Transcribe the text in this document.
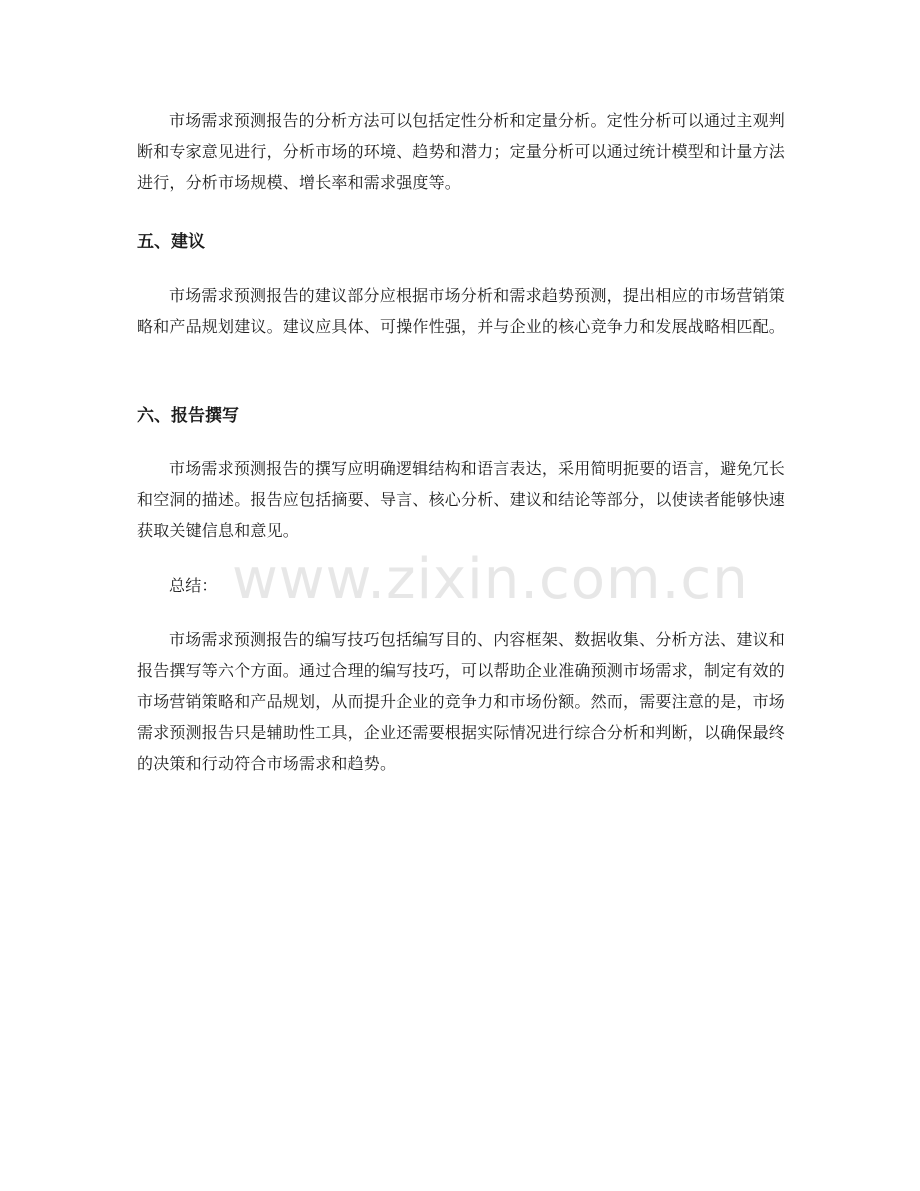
市场需求预测报告的分析方法可以包括定性分析和定量分析。定性分析可以通过主观判断和专家意见进行，分析市场的环境、趋势和潜力；定量分析可以通过统计模型和计量方法进行，分析市场规模、增长率和需求强度等。

五、建议

市场需求预测报告的建议部分应根据市场分析和需求趋势预测，提出相应的市场营销策略和产品规划建议。建议应具体、可操作性强，并与企业的核心竞争力和发展战略相匹配。

六、报告撰写

市场需求预测报告的撰写应明确逻辑结构和语言表达，采用简明扼要的语言，避免冗长和空洞的描述。报告应包括摘要、导言、核心分析、建议和结论等部分，以使读者能够快速获取关键信息和意见。

总结：

市场需求预测报告的编写技巧包括编写目的、内容框架、数据收集、分析方法、建议和报告撰写等六个方面。通过合理的编写技巧，可以帮助企业准确预测市场需求，制定有效的市场营销策略和产品规划，从而提升企业的竞争力和市场份额。然而，需要注意的是，市场需求预测报告只是辅助性工具，企业还需要根据实际情况进行综合分析和判断，以确保最终的决策和行动符合市场需求和趋势。

www.zixin.com.cn
